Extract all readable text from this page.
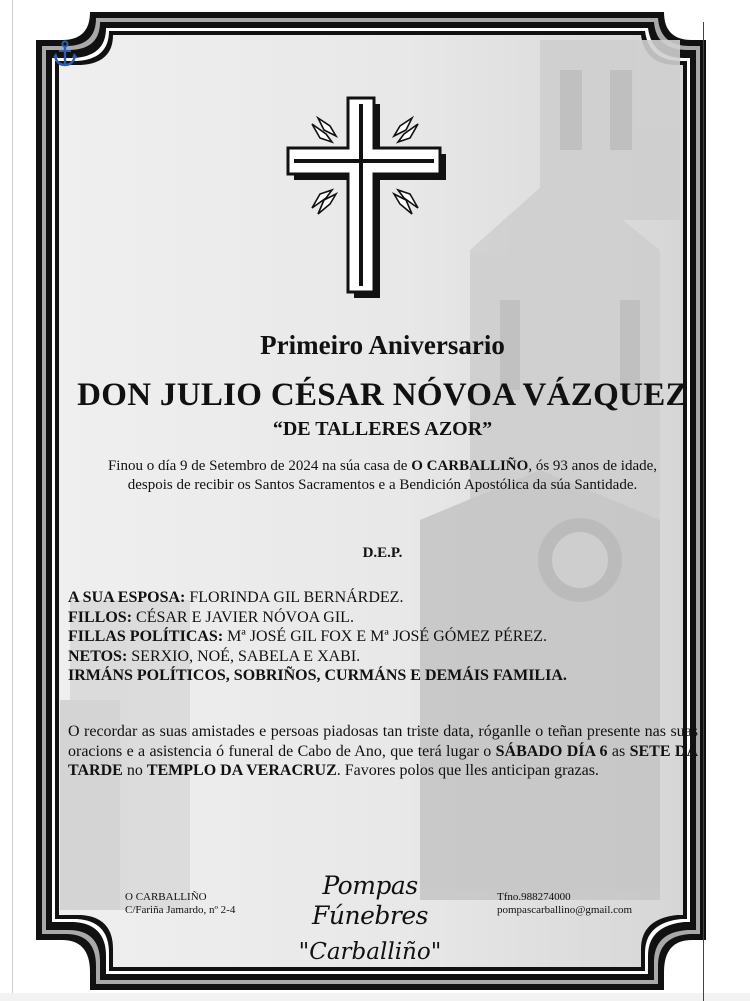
Primeiro Aniversario
DON JULIO CÉSAR NÓVOA VÁZQUEZ
“DE TALLERES AZOR”
Finou o día 9 de Setembro de 2024 na súa casa de O CARBALLIÑO, ós 93 anos de idade,
despois de recibir os Santos Sacramentos e a Bendición Apostólica da súa Santidade.
D.E.P.
A SUA ESPOSA: FLORINDA GIL BERNÁRDEZ.
FILLOS: CÉSAR E JAVIER NÓVOA GIL.
FILLAS POLÍTICAS: Mª JOSÉ GIL FOX E Mª JOSÉ GÓMEZ PÉREZ.
NETOS: SERXIO, NOÉ, SABELA E XABI.
IRMÁNS POLÍTICOS, SOBRIÑOS, CURMÁNS E DEMÁIS FAMILIA.
O recordar as suas amistades e persoas piadosas tan triste data, róganlle o teñan presente nas suas oracions e a asistencia ó funeral de Cabo de Ano, que terá lugar o SÁBADO DÍA 6 as SETE DA TARDE no TEMPLO DA VERACRUZ. Favores polos que lles anticipan grazas.
O CARBALLIÑO
C/Fariña Jamardo, nº 2-4
Pompas Fúnebres
"Carballiño"
Tfno.988274000
pompascarballino@gmail.com
